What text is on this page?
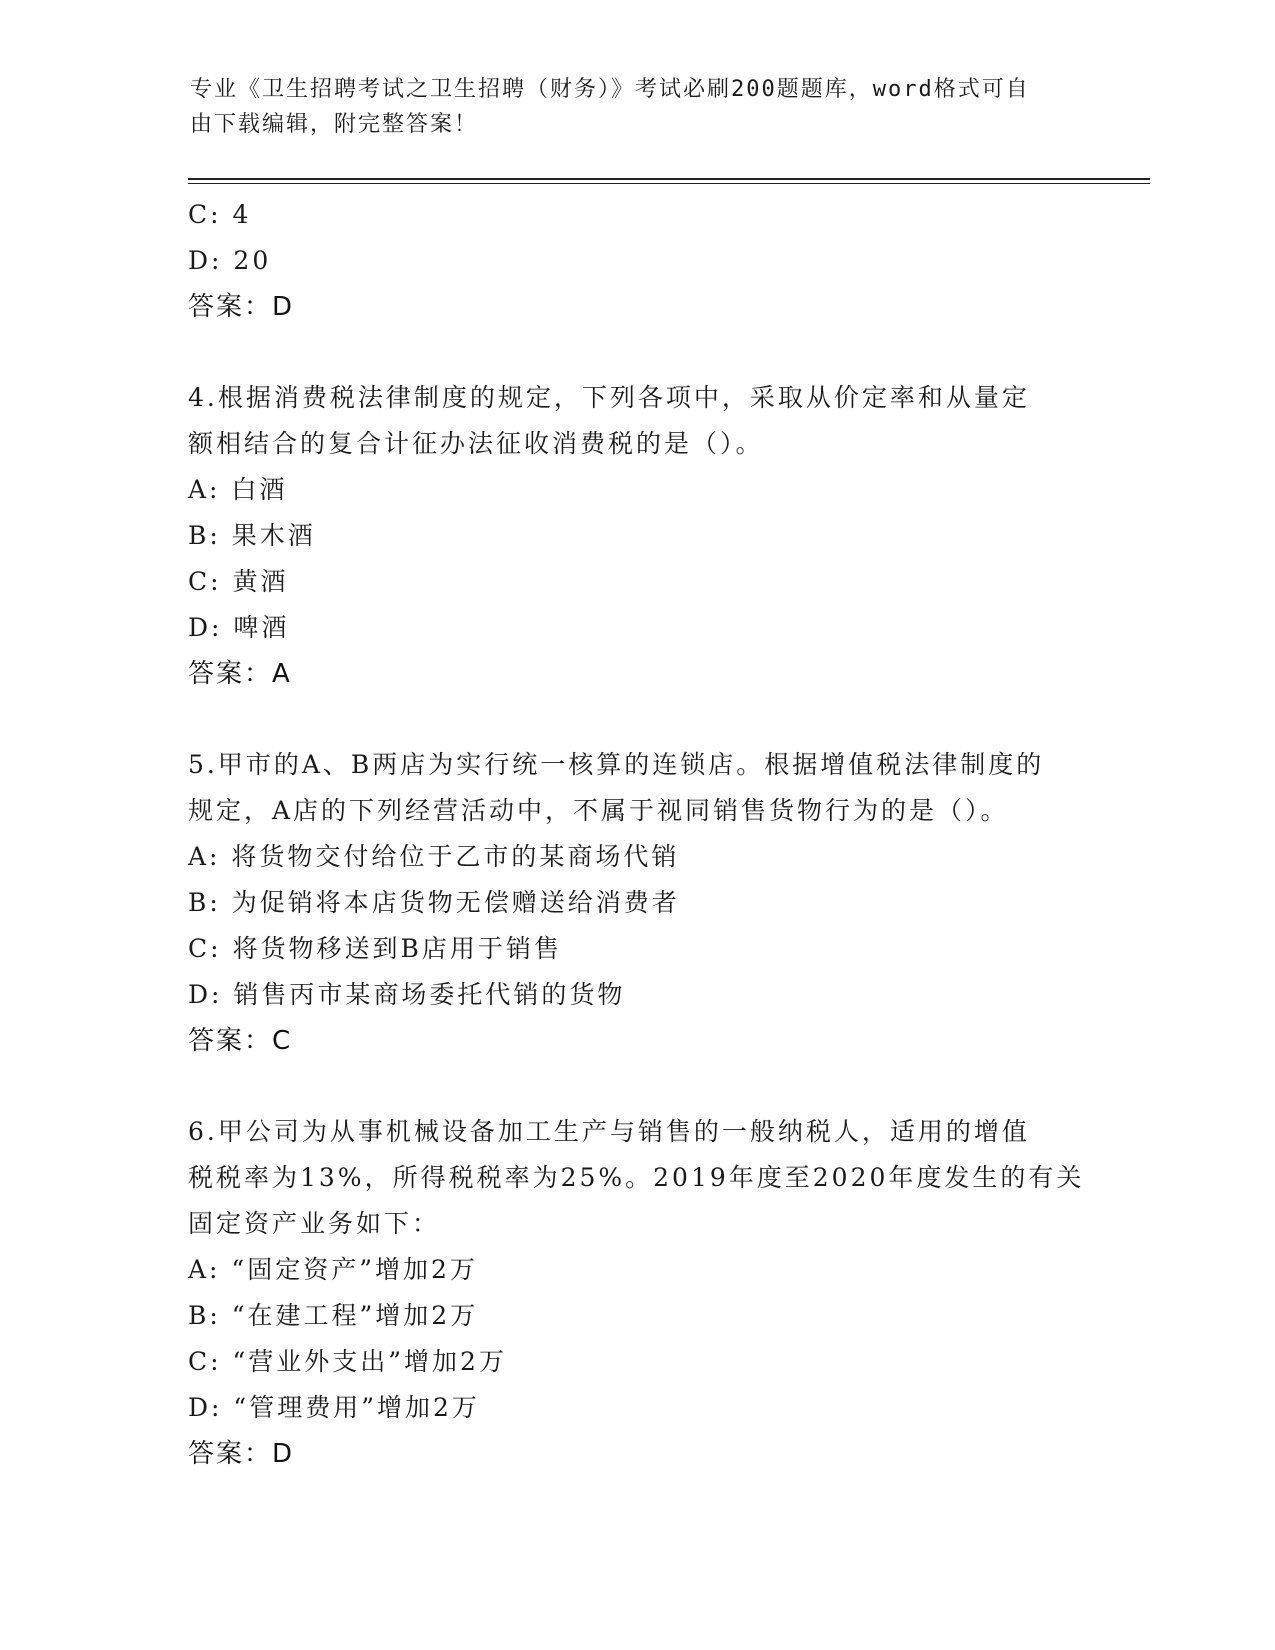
专业《卫生招聘考试之卫生招聘（财务）》考试必刷200题题库，word格式可自
由下载编辑，附完整答案！
C: 4
D: 20
答案：D
4.根据消费税法律制度的规定，下列各项中，采取从价定率和从量定
额相结合的复合计征办法征收消费税的是（）。
A: 白酒
B: 果木酒
C: 黄酒
D: 啤酒
答案：A
5.甲市的A、B两店为实行统一核算的连锁店。根据增值税法律制度的
规定，A店的下列经营活动中，不属于视同销售货物行为的是（）。
A: 将货物交付给位于乙市的某商场代销
B: 为促销将本店货物无偿赠送给消费者
C: 将货物移送到B店用于销售
D: 销售丙市某商场委托代销的货物
答案：C
6.甲公司为从事机械设备加工生产与销售的一般纳税人，适用的增值
税税率为13%，所得税税率为25%。2019年度至2020年度发生的有关
固定资产业务如下：
A: “固定资产”增加2万
B: “在建工程”增加2万
C: “营业外支出”增加2万
D: “管理费用”增加2万
答案：D
